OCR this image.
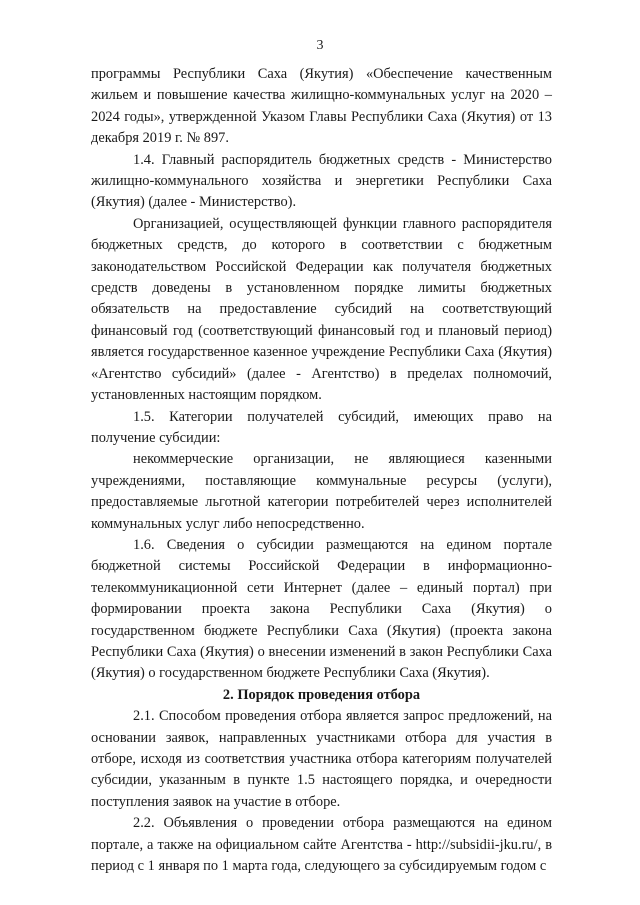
3

программы Республики Саха (Якутия) «Обеспечение качественным жильем и повышение качества жилищно-коммунальных услуг на 2020 – 2024 годы», утвержденной Указом Главы Республики Саха (Якутия) от 13 декабря 2019 г. № 897.

1.4. Главный распорядитель бюджетных средств - Министерство жилищно-коммунального хозяйства и энергетики Республики Саха (Якутия) (далее - Министерство).

Организацией, осуществляющей функции главного распорядителя бюджетных средств, до которого в соответствии с бюджетным законодательством Российской Федерации как получателя бюджетных средств доведены в установленном порядке лимиты бюджетных обязательств на предоставление субсидий на соответствующий финансовый год (соответствующий финансовый год и плановый период) является государственное казенное учреждение Республики Саха (Якутия) «Агентство субсидий» (далее - Агентство) в пределах полномочий, установленных настоящим порядком.

1.5. Категории получателей субсидий, имеющих право на получение субсидии:

некоммерческие организации, не являющиеся казенными учреждениями, поставляющие коммунальные ресурсы (услуги), предоставляемые льготной категории потребителей через исполнителей коммунальных услуг либо непосредственно.

1.6. Сведения о субсидии размещаются на едином портале бюджетной системы Российской Федерации в информационно-телекоммуникационной сети Интернет (далее – единый портал) при формировании проекта закона Республики Саха (Якутия) о государственном бюджете Республики Саха (Якутия) (проекта закона Республики Саха (Якутия) о внесении изменений в закон Республики Саха (Якутия) о государственном бюджете Республики Саха (Якутия).

2. Порядок проведения отбора

2.1. Способом проведения отбора является запрос предложений, на основании заявок, направленных участниками отбора для участия в отборе, исходя из соответствия участника отбора категориям получателей субсидии, указанным в пункте 1.5 настоящего порядка, и очередности поступления заявок на участие в отборе.

2.2. Объявления о проведении отбора размещаются на едином портале, а также на официальном сайте Агентства - http://subsidii-jku.ru/, в период с 1 января по 1 марта года, следующего за субсидируемым годом с
